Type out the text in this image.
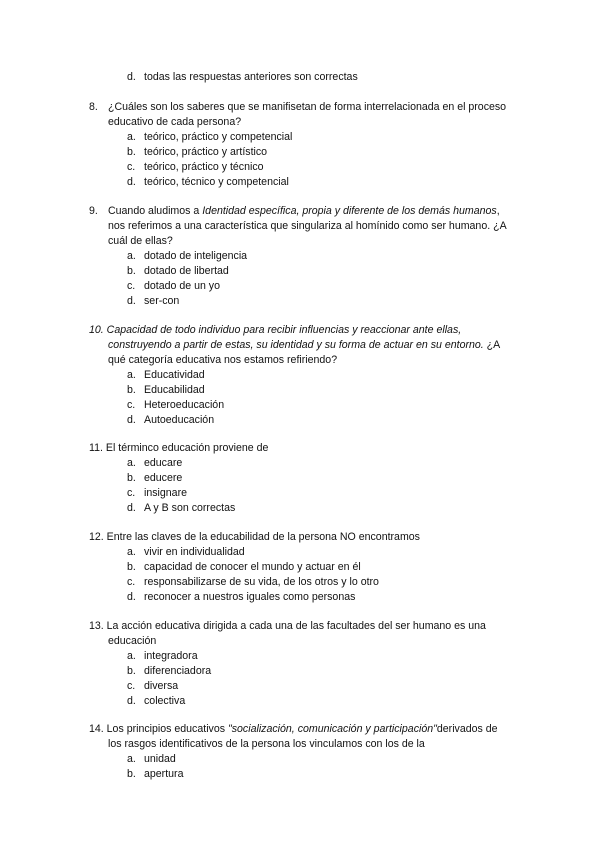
d. todas las respuestas anteriores son correctas
8. ¿Cuáles son los saberes que se manifisetan de forma interrelacionada en el proceso
educativo de cada persona?
a. teórico, práctico y competencial
b. teórico, práctico y artístico
c. teórico, práctico y técnico
d. teórico, técnico y competencial
9. Cuando aludimos a Identidad específica, propia y diferente de los demás humanos,
nos referimos a una característica que singulariza al homínido como ser humano. ¿A
cuál de ellas?
a. dotado de inteligencia
b. dotado de libertad
c. dotado de un yo
d. ser-con
10. Capacidad de todo individuo para recibir influencias y reaccionar ante ellas,
construyendo a partir de estas, su identidad y su forma de actuar en su entorno. ¿A
qué categoría educativa nos estamos refiriendo?
a. Educatividad
b. Educabilidad
c. Heteroeducación
d. Autoeducación
11. El términco educación proviene de
a. educare
b. educere
c. insignare
d. A y B son correctas
12. Entre las claves de la educabilidad de la persona NO encontramos
a. vivir en individualidad
b. capacidad de conocer el mundo y actuar en él
c. responsabilizarse de su vida, de los otros y lo otro
d. reconocer a nuestros iguales como personas
13. La acción educativa dirigida a cada una de las facultades del ser humano es una
educación
a. integradora
b. diferenciadora
c. diversa
d. colectiva
14. Los principios educativos "socialización, comunicación y participación"derivados de
los rasgos identificativos de la persona los vinculamos con los de la
a. unidad
b. apertura
